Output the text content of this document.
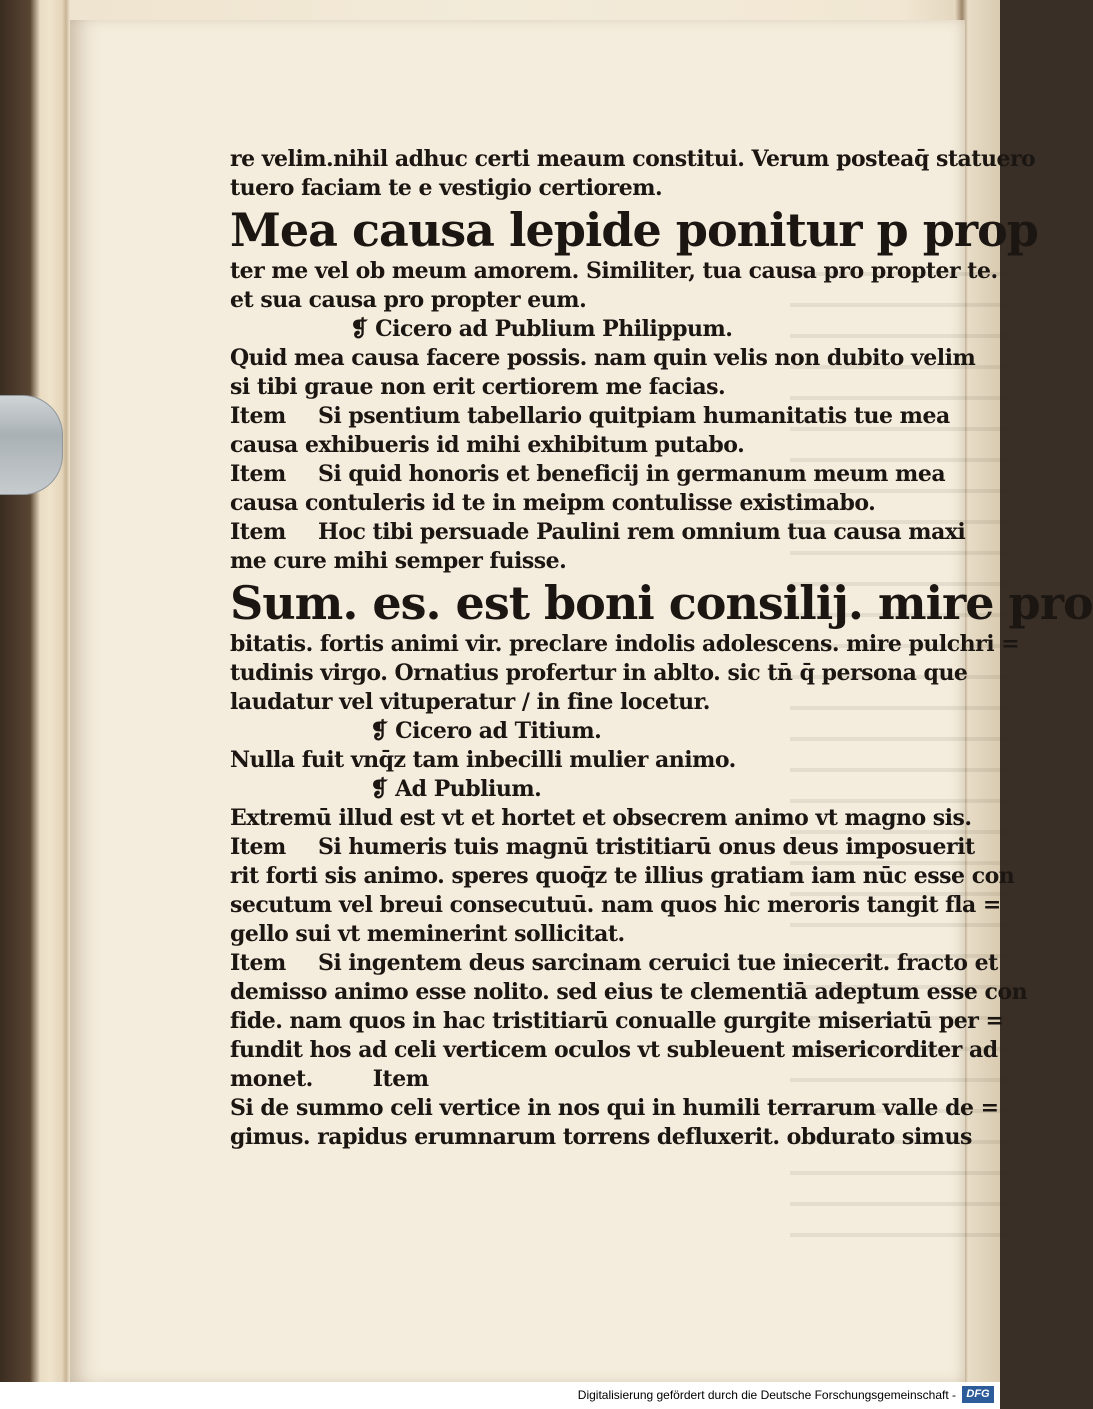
re velim.nihil adhuc certi meaum constitui. Verum posteaq̄ statuero
tuero faciam te e vestigio certiorem.
Mea causa lepide ponitur p prop
ter me vel ob meum amorem. Similiter, tua causa pro propter te.
et sua causa pro propter eum.
❡ Cicero ad Publium Philippum.
Quid mea causa facere possis. nam quin velis non dubito velim
si tibi graue non erit certiorem me facias.
Item Si psentium tabellario quitpiam humanitatis tue mea
causa exhibueris id mihi exhibitum putabo.
Item Si quid honoris et beneficij in germanum meum mea
causa contuleris id te in meipm contulisse existimabo.
Item Hoc tibi persuade Paulini rem omnium tua causa maxi
me cure mihi semper fuisse.
Sum. es. est boni consilij. mire pro
bitatis. fortis animi vir. preclare indolis adolescens. mire pulchri =
tudinis virgo. Ornatius profertur in ablto. sic tn̄ q̄ persona que
laudatur vel vituperatur / in fine locetur.
❡ Cicero ad Titium.
Nulla fuit vnq̄z tam inbecilli mulier animo.
❡ Ad Publium.
Extremū illud est vt et hortet et obsecrem animo vt magno sis.
Item Si humeris tuis magnū tristitiarū onus deus imposuerit
rit forti sis animo. speres quoq̄z te illius gratiam iam nūc esse con
secutum vel breui consecutuū. nam quos hic meroris tangit fla =
gello sui vt meminerint sollicitat.
Item Si ingentem deus sarcinam ceruici tue iniecerit. fracto et
demisso animo esse nolito. sed eius te clementiā adeptum esse con
fide. nam quos in hac tristitiarū conualle gurgite miseriatū per =
fundit hos ad celi verticem oculos vt subleuent misericorditer ad
monet.	Item
Si de summo celi vertice in nos qui in humili terrarum valle de =
gimus. rapidus erumnarum torrens defluxerit. obdurato simus
Digitalisierung gefördert durch die Deutsche Forschungsgemeinschaft - DFG
